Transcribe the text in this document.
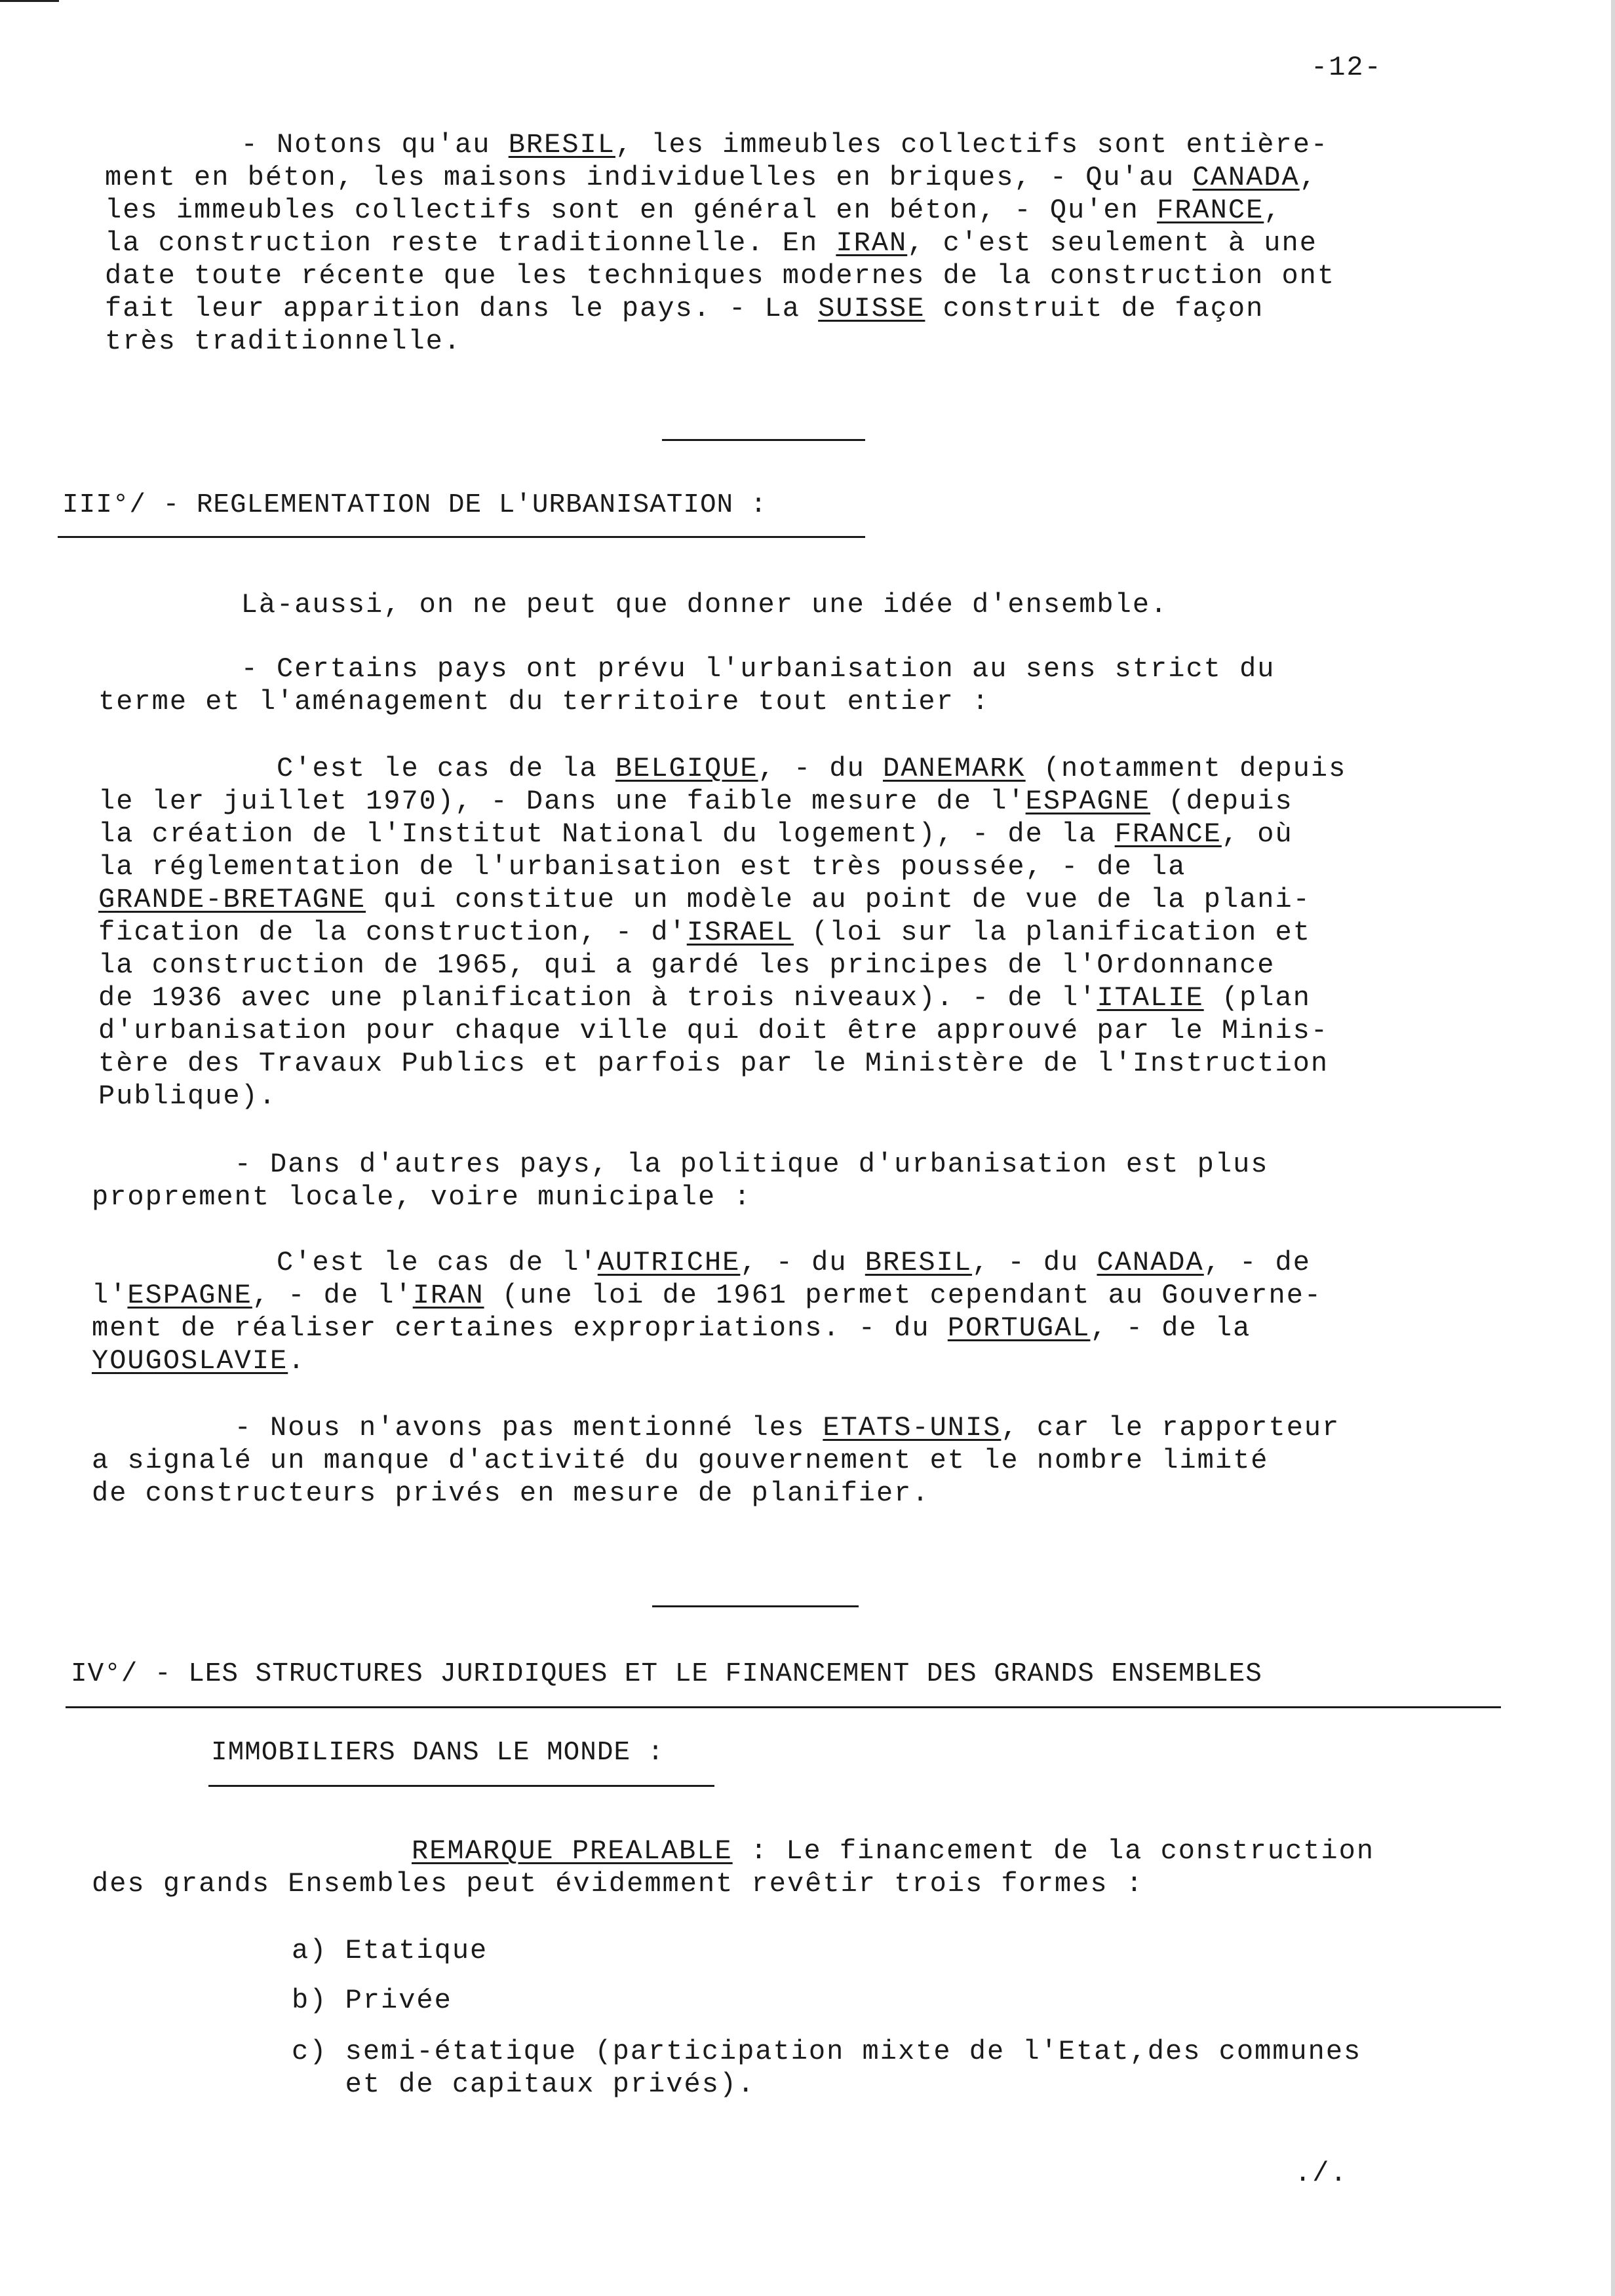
-12-
- Notons qu'au BRESIL, les immeubles collectifs sont entière-
ment en béton, les maisons individuelles en briques, - Qu'au CANADA,
les immeubles collectifs sont en général en béton, - Qu'en FRANCE,
la construction reste traditionnelle. En IRAN, c'est seulement à une
date toute récente que les techniques modernes de la construction ont
fait leur apparition dans le pays. - La SUISSE construit de façon
très traditionnelle.
III°/ - REGLEMENTATION DE L'URBANISATION :
Là-aussi, on ne peut que donner une idée d'ensemble.
- Certains pays ont prévu l'urbanisation au sens strict du
terme et l'aménagement du territoire tout entier :
C'est le cas de la BELGIQUE, - du DANEMARK (notamment depuis
le ler juillet 1970), - Dans une faible mesure de l'ESPAGNE (depuis
la création de l'Institut National du logement), - de la FRANCE, où
la réglementation de l'urbanisation est très poussée, - de la
GRANDE-BRETAGNE qui constitue un modèle au point de vue de la plani-
fication de la construction, - d'ISRAEL (loi sur la planification et
la construction de 1965, qui a gardé les principes de l'Ordonnance
de 1936 avec une planification à trois niveaux). - de l'ITALIE (plan
d'urbanisation pour chaque ville qui doit être approuvé par le Minis-
tère des Travaux Publics et parfois par le Ministère de l'Instruction
Publique).
- Dans d'autres pays, la politique d'urbanisation est plus
proprement locale, voire municipale :
C'est le cas de l'AUTRICHE, - du BRESIL, - du CANADA, - de
l'ESPAGNE, - de l'IRAN (une loi de 1961 permet cependant au Gouverne-
ment de réaliser certaines expropriations. - du PORTUGAL, - de la
YOUGOSLAVIE.
- Nous n'avons pas mentionné les ETATS-UNIS, car le rapporteur
a signalé un manque d'activité du gouvernement et le nombre limité
de constructeurs privés en mesure de planifier.
IV°/ - LES STRUCTURES JURIDIQUES ET LE FINANCEMENT DES GRANDS ENSEMBLES
IMMOBILIERS DANS LE MONDE :
REMARQUE PREALABLE : Le financement de la construction
des grands Ensembles peut évidemment revêtir trois formes :
a) Etatique
b) Privée
c) semi-étatique (participation mixte de l'Etat,des communes
et de capitaux privés).
./.
